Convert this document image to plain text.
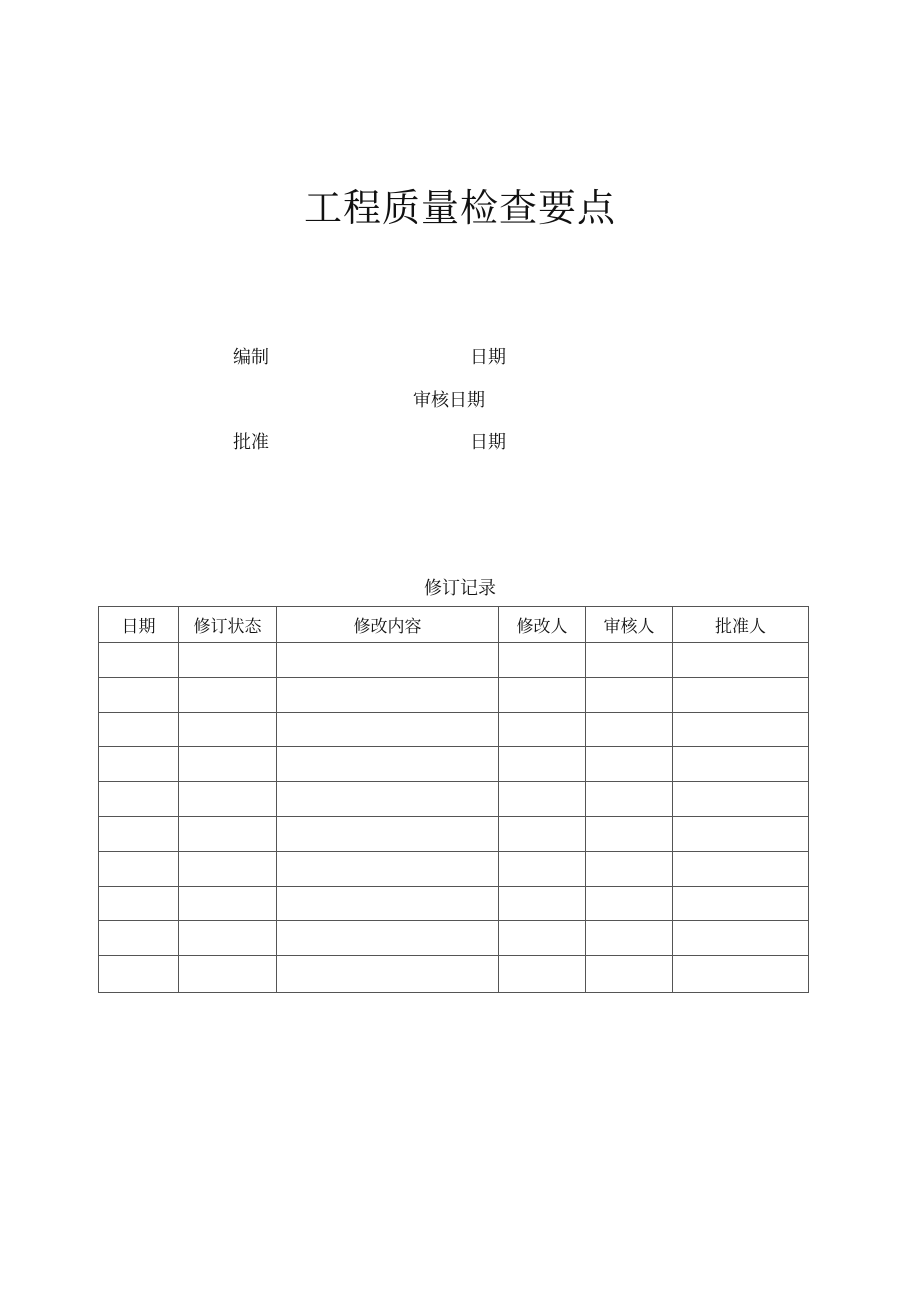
工程质量检查要点
编制	日期
审核日期
批准	日期
修订记录
日期	修订状态	修改内容	修改人	审核人	批准人
